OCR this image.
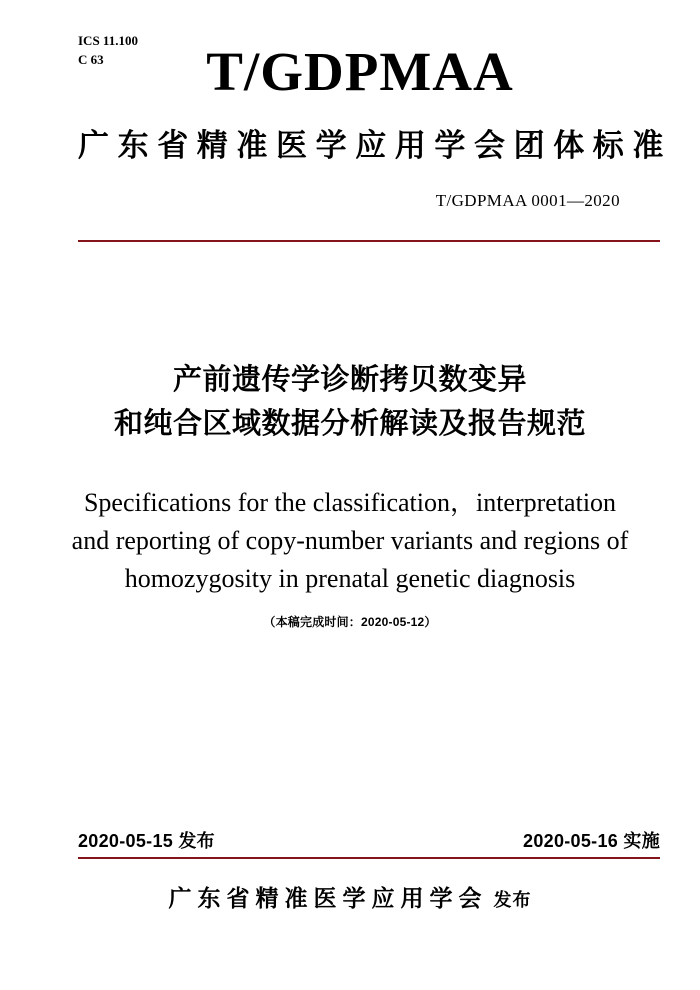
ICS 11.100
C 63	T/GDPMAA
广东省精准医学应用学会团体标准
T/GDPMAA 0001—2020
产前遗传学诊断拷贝数变异
和纯合区域数据分析解读及报告规范
Specifications for the classification，interpretation
and reporting of copy-number variants and regions of
homozygosity in prenatal genetic diagnosis
（本稿完成时间：2020-05-12）
2020-05-15 发布	2020-05-16 实施
广东省精准医学应用学会 发布
